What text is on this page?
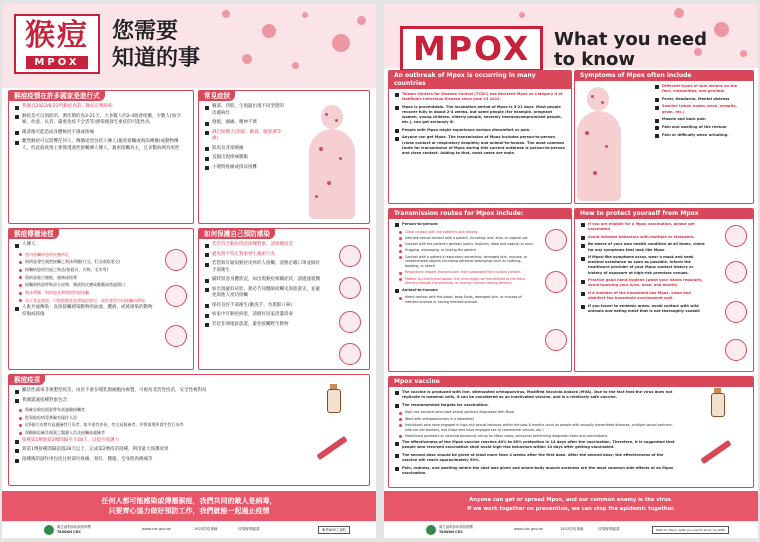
猴痘
MPOX
您需要
知道的事
猴痘疫情在許多國家是進行式
我國自2022/6/23列猴痘為第二類法定傳染病
猴痘是可以預防的，潛伏期約為3-21天，大多數人約2-4週會痊癒，少數人(如孕婦、幼童、長者、嚴重免疫不全者等)感染後發生重症的可能性高
確診後可能造成身體極度不適或疼痛
雖然猴痘可以影響任何人，傳播途徑包括人傳人(親密接觸或飛沫傳播)或動物傳人，但此波疫情主要係透過性接觸傳人傳人，親密接觸為主，且多數病例為男性
常見症狀
臉部、四肢、生殖器出現不同型態的皮膚病灶
發燒、頭痛、精神不濟
淋巴結腫大(頸部、腋窩、腹股溝等處)
肌肉及背部痠痛
直腸出現疼痛腫脹
小便時疼痛或排尿困難
猴痘傳播途徑
人傳人：
密切接觸病患的皮膚病灶
與病患發生親密接觸之飛沫傳播(口交、肛交或陰道交)
接觸病患使用過之物品(如寢具、衣物、毛巾等)
與病患進行擁抱、親吻或按摩
接觸到病患呼吸道分泌物、唾液的皮膚或黏膜或透過傷口
飛沫傳播：與病患長時間面對面接觸
母子垂直感染：可能胎盤垂直傳染給胎兒，或於產程中因接觸而傳染
人畜共通傳染：直接接觸感染動物的血液、體液，或被感染的動物咬傷或抓傷
如何保護自己預防感染
若您符合猴痘疫苗接種對象，請接種疫苗
避免與不特定對象發生親密行為
若您與有疑似猴痘皮疹的人接觸，請務必戴口罩並做好手部衛生
隨時留意身體狀況，如出現猴痘相關症狀，請儘速就醫
如出現疑似症狀，務必告知醫師接觸史與旅遊史，並避免與他人密切接觸
保持良好手部衛生(勤洗手、勿摸眼口鼻)
如家中有猴痘病患，請做好居家清潔消毒
若赴非洲地區旅遊，避免接觸野生動物
猴痘疫苗
屬活性減毒非複製型疫苗，由於不會在哺乳類細胞內複製，可視為非活性疫苗，安全性相對高
我國建議接種對象包含：
與確診猴痘個案曾有高風險接觸者
從事猴痘病毒實驗室操作人員
近6個月內曾有高風險性行為者，如多重性伴侶、性交易服務者、於營業場所發生性行為等
照顧猴痘確診個案之醫護人員及接觸高風險者
接種第1劑與第2劑間隔至少28天，以提升保護力
與第1劑接種間隔超過28天以上，完成第2劑疫苗接種，利用最大保護效果
接種後的副作用包括注射部位疼痛、發紅、腫脹、全身肌肉痠痛等
任何人都可能感染或傳播猴痘，我們共同的敵人是病毒，
只要齊心協力做好預防工作，我們就能一起遏止疫情
衛生福利部疾病管制署
TAIWAN CDC
www.cdc.gov.tw	1922防疫專線	疫情報導臉書	參考WHO之資料
MPOX	What you need
to know
An outbreak of Mpox is occurring in many countries
Taiwan Centers for Disease Control (TCDC) has declared Mpox as Category II of Notifiable Infectious Disease since June 23 2022.
Mpox is preventable. The incubation period of Mpox is 3-21 days. Most people recover fully in about 2-4 weeks, but some people (for example, pregnant women, young children, elderly people, severely immunocompromised people, etc.), can get seriously ill.
People with Mpox might experience serious discomfort or pain.
Anyone can get Mpox. The transmission of Mpox includes person-to-person (close contact or respiratory droplets) and animal-to-human. The most common route for transmission of Mpox during this current outbreak is person-to-person and close contact. Adding to that, most cases are male.
Symptoms of Mpox often include
Different types of skin lesions on the face, extremities, and genitals
Fever, Headache, Mental distress
Swollen lymph nodes (neck, armpits, groin, etc.)
Muscle and back pain
Pain and swelling of the rectum
Pain or difficulty when urinating.
Transmission routes for Mpox include:
Person-to-person:
Close contact with the patient's skin lesions
Intimate sexual contact with a patient, including: oral, anal, or vaginal sex
Contact with the patient's genitals (penis, testicles, labia and vagina) or anus
Hugging, massaging, or kissing the patient
Contact with a patient's respiratory secretions, damaged skin, mucosa, or contaminated objects (including personal belongings such as clothing, bedding, or towel)
Respiratory droplet transmission: from prolonged face-to-face contact
Mother-to-child transmission: the virus might be transmitted to the fetus directly through the placenta, or through contact during delivery
Animal-to-human:
direct contact with the blood, body fluids, damaged skin, or mucosa of infected animals or having infected animals
How to protect yourself from Mpox
If you are eligible for a Mpox vaccination, please get vaccinated
Avoid intimate behaviors with multiple or strangers.
Be aware of your own health condition at all times, check for any symptoms that look like Mpox
If Mpox-like symptoms occur, wear a mask and seek medical assistance as soon as possible. Inform the healthcare provider of your Mpox contact history or history of exposure at high-risk premises venues.
Practice good hand hygiene (wash your hands regularly, avoid touching your eyes, nose, and mouth)
If a member of the household has Mpox, clean and disinfect the household environment well.
If you travel to endemic areas, avoid contact with wild animals and eating meat that is not thoroughly cooked
Mpox vaccine
The vaccine is produced with live, attenuated orthopoxvirus, Modified Vaccinia Ankara (MVA). Due to the fact that the virus does not replicate in mammal cells, it can be considered as an inactivated vaccine, and is a relatively safe vaccine.
The recommended targets for vaccination:
High risk contacts who have sexual partners diagnosed with Mpox
Work with orthopoxviruses in a laboratory
Individuals who have engaged in high-risk sexual behavior within the past 6 months (such as people with sexually transmitted diseases, multiple sexual partners, who are sex workers, and those who have engaged sex at commercial venues, etc.)
Healthcare providers or cleaning personnel caring for Mpox cases, personnel performing diagnostic tests and vaccinations.
The effectiveness of the Mpox vaccine reaches 40% to 80% protection in 14 days after the vaccination. Therefore, it is suggested that people who received vaccination shall avoid high-risk behaviors within 14 days after getting vaccinated.
The second dose should be given at least more than 4 weeks after the first dose. After the second dose, the effectiveness of the vaccine will reach approximately 90%.
Pain, redness, and swelling where the shot was given and whole-body muscle soreness are the most common side effects of an Mpox vaccination.
Anyone can get or spread Mpox, and our common enemy is the virus.
If we work together on prevention, we can stop the epidemic together.
衛生福利部疾病管制署
TAIWAN CDC
www.cdc.gov.tw	1922防疫專線	疫情報導臉書	Refer to "Mpox: what you need to know" by WHO
